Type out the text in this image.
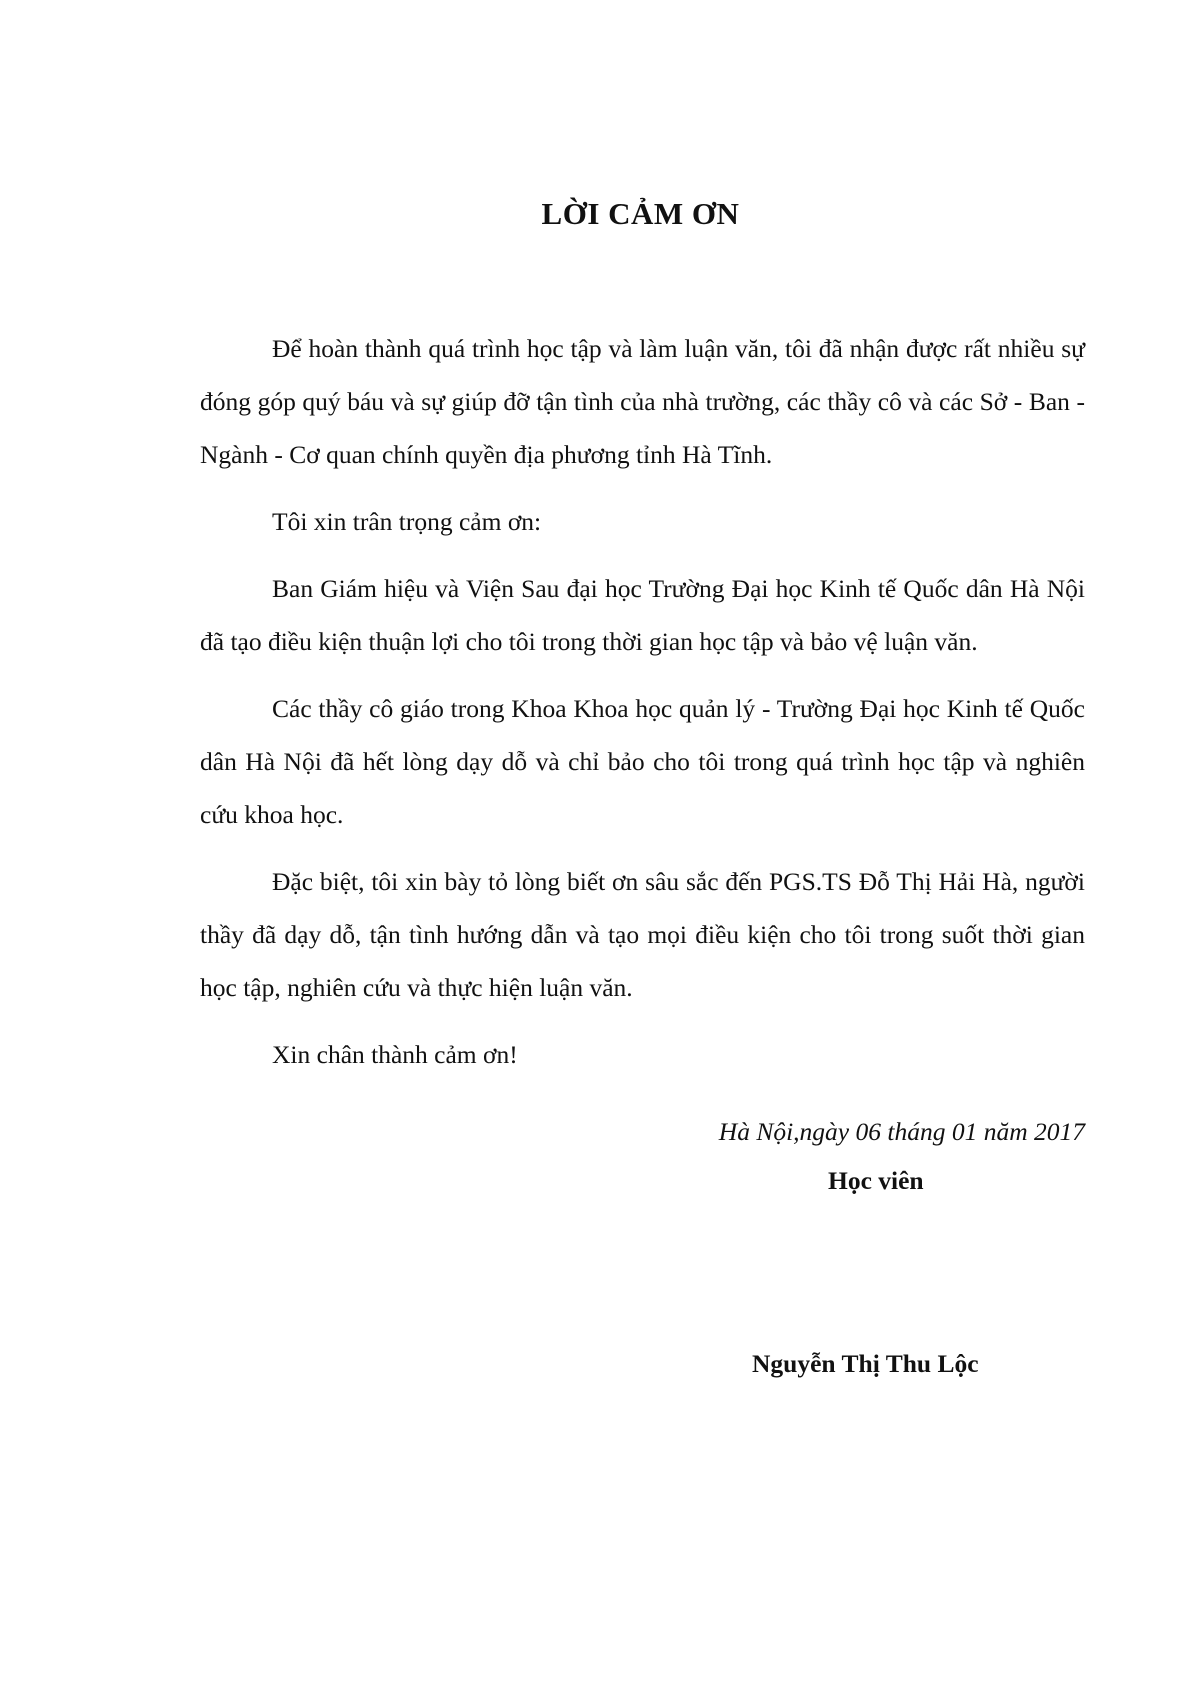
LỜI CẢM ƠN

Để hoàn thành quá trình học tập và làm luận văn, tôi đã nhận được rất nhiều sự đóng góp quý báu và sự giúp đỡ tận tình của nhà trường, các thầy cô và các Sở - Ban - Ngành - Cơ quan chính quyền địa phương tỉnh Hà Tĩnh.

Tôi xin trân trọng cảm ơn:

Ban Giám hiệu và Viện Sau đại học Trường Đại học Kinh tế Quốc dân Hà Nội đã tạo điều kiện thuận lợi cho tôi trong thời gian học tập và bảo vệ luận văn.

Các thầy cô giáo trong Khoa Khoa học quản lý - Trường Đại học Kinh tế Quốc dân Hà Nội đã hết lòng dạy dỗ và chỉ bảo cho tôi trong quá trình học tập và nghiên cứu khoa học.

Đặc biệt, tôi xin bày tỏ lòng biết ơn sâu sắc đến PGS.TS Đỗ Thị Hải Hà, người thầy đã dạy dỗ, tận tình hướng dẫn và tạo mọi điều kiện cho tôi trong suốt thời gian học tập, nghiên cứu và thực hiện luận văn.

Xin chân thành cảm ơn!

Hà Nội,ngày 06 tháng 01 năm 2017
Học viên
Nguyễn Thị Thu Lộc
